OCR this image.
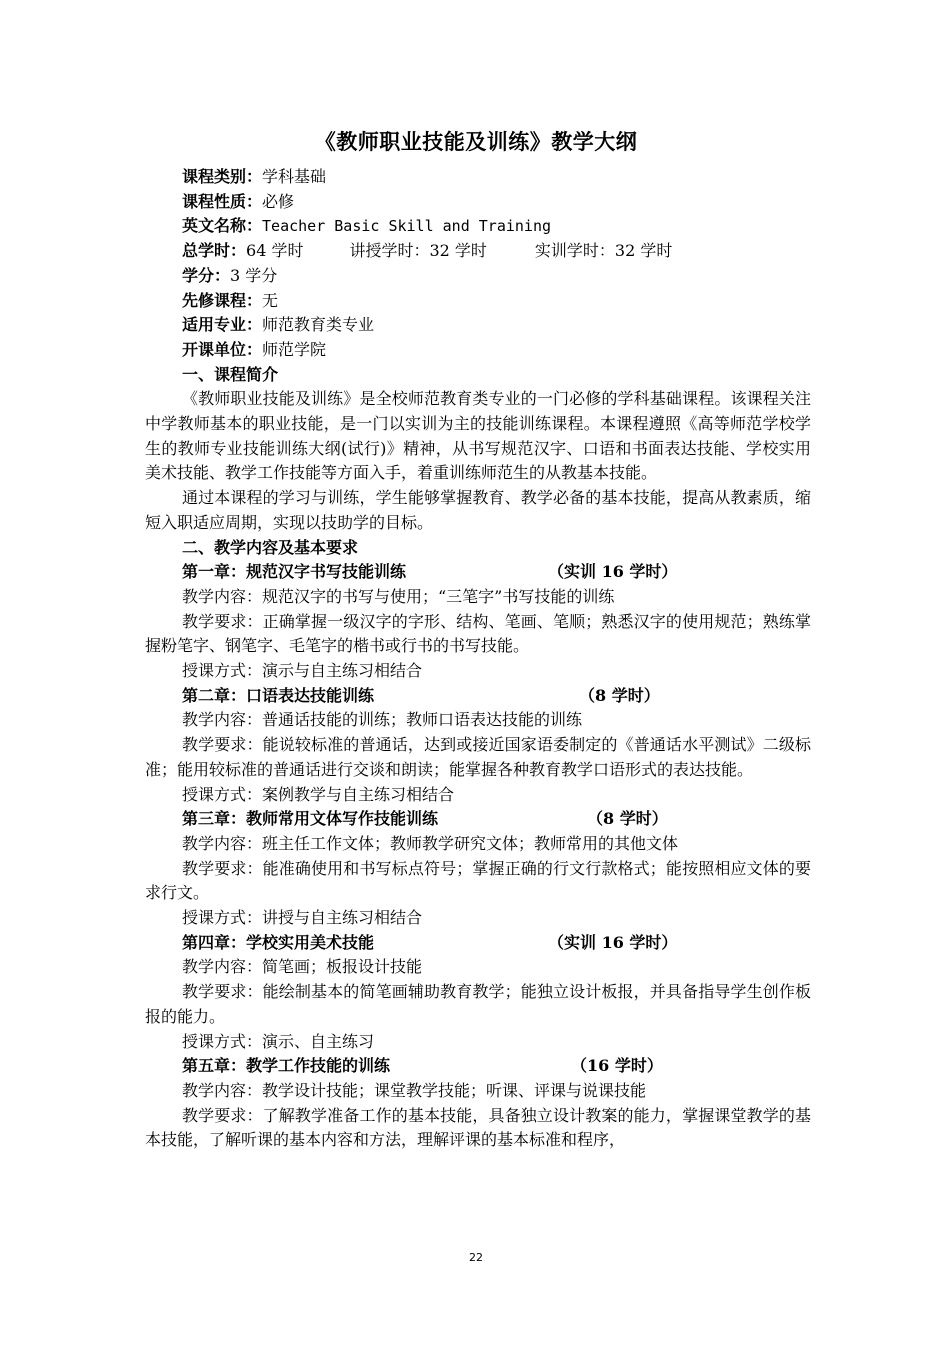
《教师职业技能及训练》教学大纲

课程类别：学科基础

课程性质：必修

英文名称：Teacher Basic Skill and Training

总学时：64 学时	讲授学时：32 学时	实训学时：32 学时

学分：3 学分

先修课程：无

适用专业：师范教育类专业

开课单位：师范学院

一、课程简介

《教师职业技能及训练》是全校师范教育类专业的一门必修的学科基础课程。该课程关注中学教师基本的职业技能，是一门以实训为主的技能训练课程。本课程遵照《高等师范学校学生的教师专业技能训练大纲(试行)》精神，从书写规范汉字、口语和书面表达技能、学校实用美术技能、教学工作技能等方面入手，着重训练师范生的从教基本技能。

通过本课程的学习与训练，学生能够掌握教育、教学必备的基本技能，提高从教素质，缩短入职适应周期，实现以技助学的目标。

二、教学内容及基本要求

第一章：规范汉字书写技能训练	（实训 16 学时）

教学内容：规范汉字的书写与使用；“三笔字”书写技能的训练

教学要求：正确掌握一级汉字的字形、结构、笔画、笔顺；熟悉汉字的使用规范；熟练掌握粉笔字、钢笔字、毛笔字的楷书或行书的书写技能。

授课方式：演示与自主练习相结合

第二章：口语表达技能训练	（8 学时）

教学内容：普通话技能的训练；教师口语表达技能的训练

教学要求：能说较标准的普通话，达到或接近国家语委制定的《普通话水平测试》二级标准；能用较标准的普通话进行交谈和朗读；能掌握各种教育教学口语形式的表达技能。

授课方式：案例教学与自主练习相结合

第三章：教师常用文体写作技能训练	（8 学时）

教学内容：班主任工作文体；教师教学研究文体；教师常用的其他文体

教学要求：能准确使用和书写标点符号；掌握正确的行文行款格式；能按照相应文体的要求行文。

授课方式：讲授与自主练习相结合

第四章：学校实用美术技能	（实训 16 学时）

教学内容：简笔画；板报设计技能

教学要求：能绘制基本的简笔画辅助教育教学；能独立设计板报，并具备指导学生创作板报的能力。

授课方式：演示、自主练习

第五章：教学工作技能的训练	（16 学时）

教学内容：教学设计技能；课堂教学技能；听课、评课与说课技能

教学要求：了解教学准备工作的基本技能，具备独立设计教案的能力，掌握课堂教学的基本技能，了解听课的基本内容和方法，理解评课的基本标准和程序，

22
